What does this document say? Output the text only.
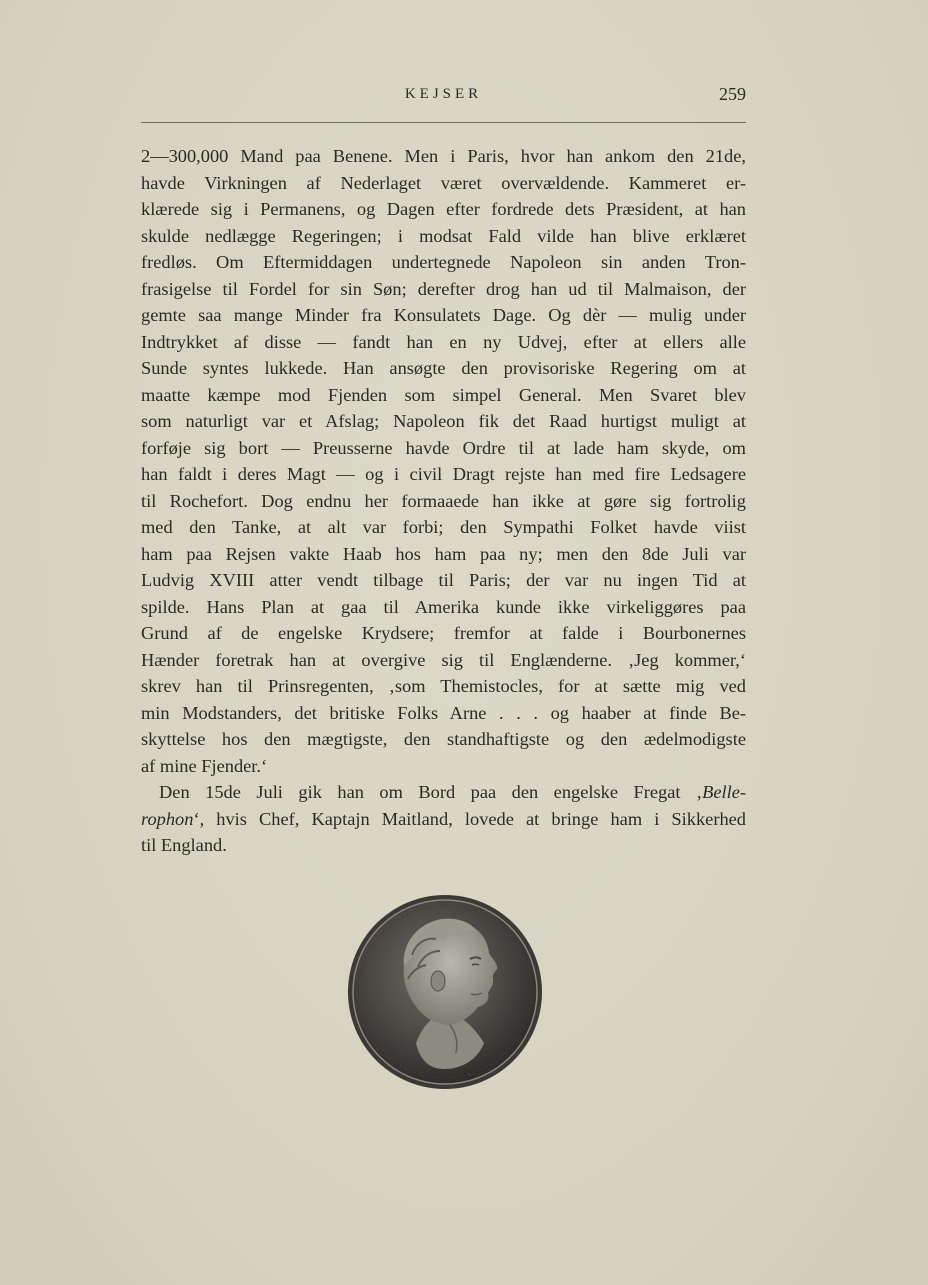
KEJSER	259
2—300,000 Mand paa Benene. Men i Paris, hvor han ankom den 21de,
havde Virkningen af Nederlaget været overvældende. Kammeret er-
klærede sig i Permanens, og Dagen efter fordrede dets Præsident, at han
skulde nedlægge Regeringen; i modsat Fald vilde han blive erklæret
fredløs. Om Eftermiddagen undertegnede Napoleon sin anden Tron-
frasigelse til Fordel for sin Søn; derefter drog han ud til Malmaison, der
gemte saa mange Minder fra Konsulatets Dage. Og dèr — mulig under
Indtrykket af disse — fandt han en ny Udvej, efter at ellers alle
Sunde syntes lukkede. Han ansøgte den provisoriske Regering om at
maatte kæmpe mod Fjenden som simpel General. Men Svaret blev
som naturligt var et Afslag; Napoleon fik det Raad hurtigst muligt at
forføje sig bort — Preusserne havde Ordre til at lade ham skyde, om
han faldt i deres Magt — og i civil Dragt rejste han med fire Ledsagere
til Rochefort. Dog endnu her formaaede han ikke at gøre sig fortrolig
med den Tanke, at alt var forbi; den Sympathi Folket havde viist
ham paa Rejsen vakte Haab hos ham paa ny; men den 8de Juli var
Ludvig XVIII atter vendt tilbage til Paris; der var nu ingen Tid at
spilde. Hans Plan at gaa til Amerika kunde ikke virkeliggøres paa
Grund af de engelske Krydsere; fremfor at falde i Bourbonernes
Hænder foretrak han at overgive sig til Englænderne. ‚Jeg kommer,‘
skrev han til Prinsregenten, ‚som Themistocles, for at sætte mig ved
min Modstanders, det britiske Folks Arne . . . og haaber at finde Be-
skyttelse hos den mægtigste, den standhaftigste og den ædelmodigste
af mine Fjender.‘
Den 15de Juli gik han om Bord paa den engelske Fregat ‚Belle-
rophon‘, hvis Chef, Kaptajn Maitland, lovede at bringe ham i Sikkerhed
til England.
